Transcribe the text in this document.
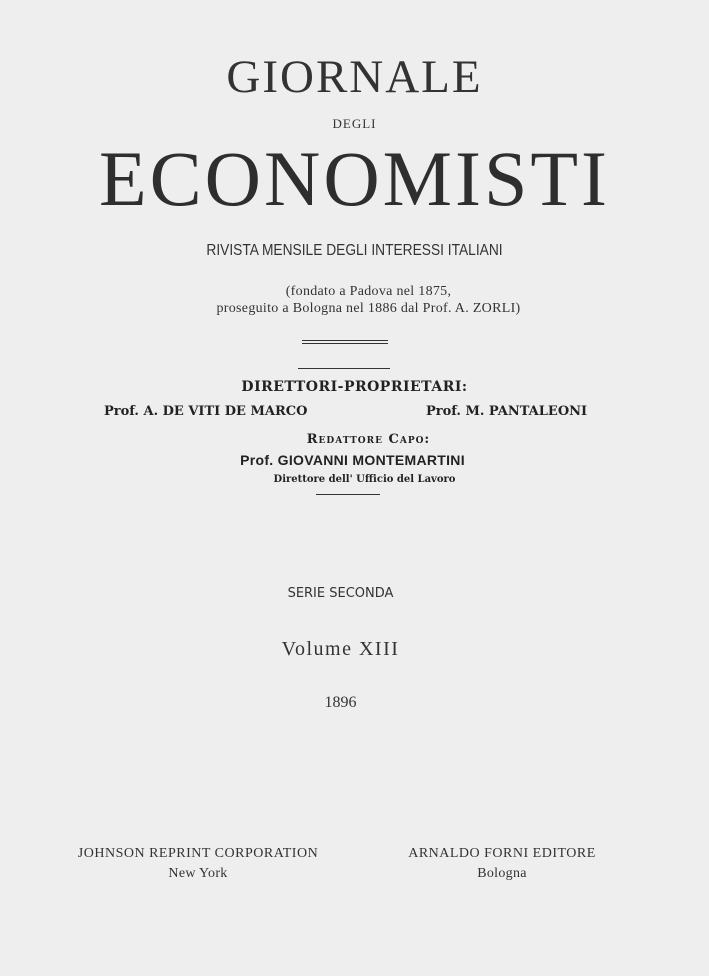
GIORNALE
DEGLI
ECONOMISTI
RIVISTA MENSILE DEGLI INTERESSI ITALIANI
(fondato a Padova nel 1875,
proseguito a Bologna nel 1886 dal Prof. A. ZORLI)
DIRETTORI-PROPRIETARI:
Prof. A. DE VITI DE MARCO	Prof. M. PANTALEONI
Redattore Capo:
Prof. GIOVANNI MONTEMARTINI
Direttore dell' Ufficio del Lavoro
SERIE SECONDA
Volume XIII
1896
JOHNSON REPRINT CORPORATION
New York
ARNALDO FORNI EDITORE
Bologna
